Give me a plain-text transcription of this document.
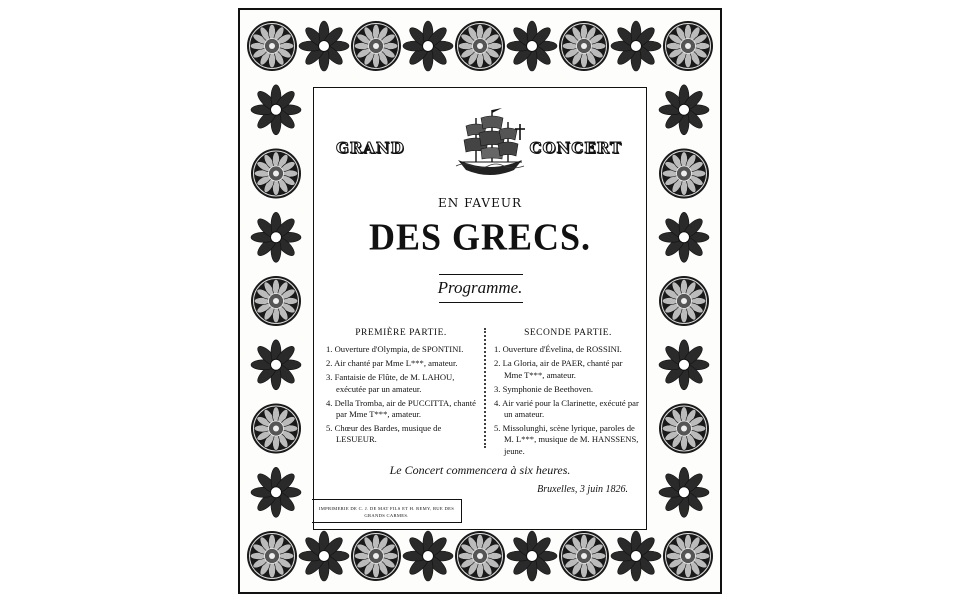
GRAND	CONCERT
EN FAVEUR
DES GRECS.
Programme.
PREMIÈRE PARTIE.
1. Ouverture d'Olympia, de SPONTINI.
2. Air chanté par Mme L***, amateur.
3. Fantaisie de Flûte, de M. LAHOU, exécutée par un amateur.
4. Della Tromba, air de PUCCITTA, chanté par Mme T***, amateur.
5. Chœur des Bardes, musique de LESUEUR.
SECONDE PARTIE.
1. Ouverture d'Évelina, de ROSSINI.
2. La Gloria, air de PAER, chanté par Mme T***, amateur.
3. Symphonie de Beethoven.
4. Air varié pour la Clarinette, exécuté par un amateur.
5. Missolunghi, scène lyrique, paroles de M. L***, musique de M. HANSSENS, jeune.
Le Concert commencera à six heures.
Bruxelles, 3 juin 1826.
IMPRIMERIE DE C. J. DE MAT FILS ET H. REMY, RUE DES GRANDS CARMES.
